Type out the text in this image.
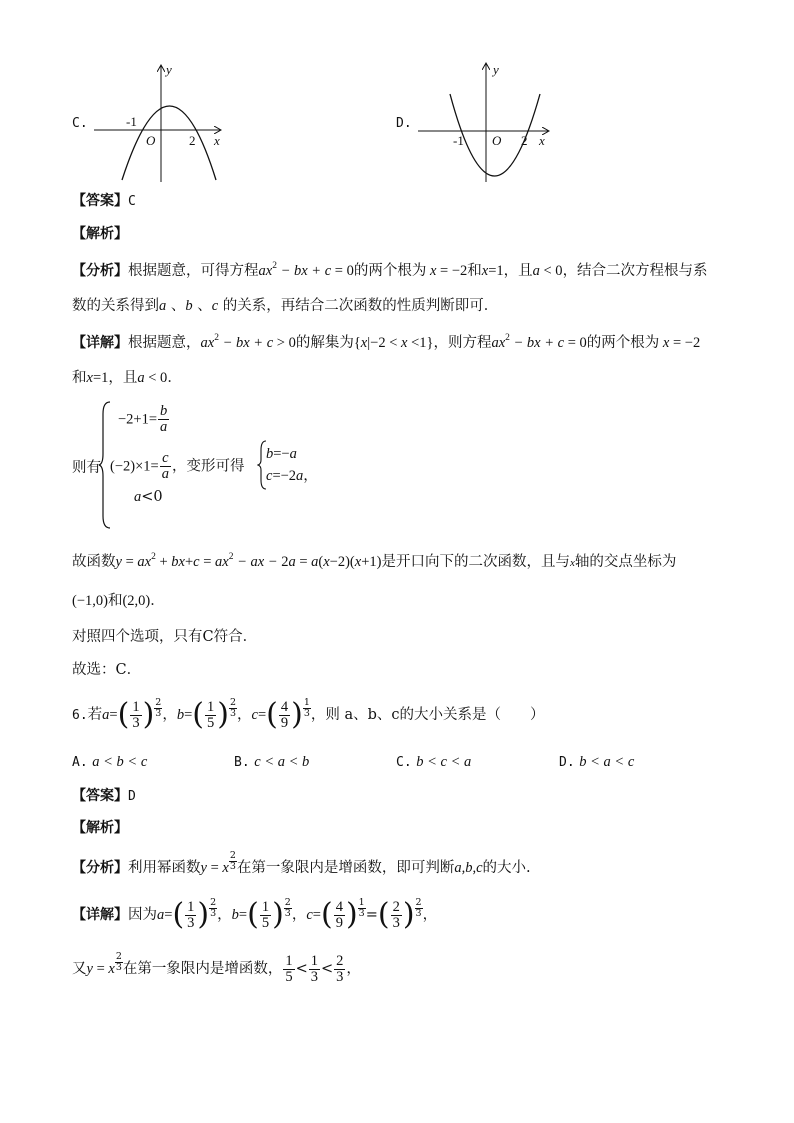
C.
y
-1
O	2 x
D.
y
-1 O 2 x
【答案】C
【解析】
【分析】根据题意，可得方程$ax^2$ − bx + c = 0的两个根为 x = −2和x=1，且a < 0，结合二次方程根与系
数的关系得到a 、b 、c 的关系，再结合二次函数的性质判断即可．
【详解】根据题意，$ax^2$ − bx + c > 0的解集为{x|−2 < x <1}，则方程$ax^2$ − bx + c = 0的两个根为 x = −2
和x=1，且a < 0．
则有
$-2+1= \frac{b}{a}$
$(-2)\times 1= \frac{c}{a}$ ，变形可得
a<0
b=−a
c=−2a，
故函数$y = ax^2 + bx+c = ax^2$ − ax − 2a = a(x−2)(x+1)是开口向下的二次函数，且与x轴的交点坐标为
(−1,0)和(2,0)．
对照四个选项，只有C符合．
故选：C．
6.若$a=( \frac{1}{3}$ ) $\frac{2}{3}$ ，$b=( \frac{1}{5}$ ) $\frac{2}{3}$ ，$c=( \frac{4}{9}$ ) $\frac{1}{3}$ ，则 a、b、c的大小关系是（　　）
A. a < b < c	B. c < a < b	C. b < c < a	D. b < a < c
【答案】D
【解析】
【分析】利用幂函数y = x $\frac{2}{3}$ 在第一象限内是增函数，即可判断a,b,c的大小.
【详解】因为$a=( \frac{1}{3}$ ) $\frac{2}{3}$ ，$b=( \frac{1}{5}$ ) $\frac{2}{3}$ ，$c=( \frac{4}{9}$ ) $\frac{1}{3}$ =( $\frac{2}{3}$ ) $\frac{2}{3}$ ，
又y = x $\frac{2}{3}$ 在第一象限内是增函数， $\frac{1}{5} < \frac{1}{3} < \frac{2}{3}$ ，
